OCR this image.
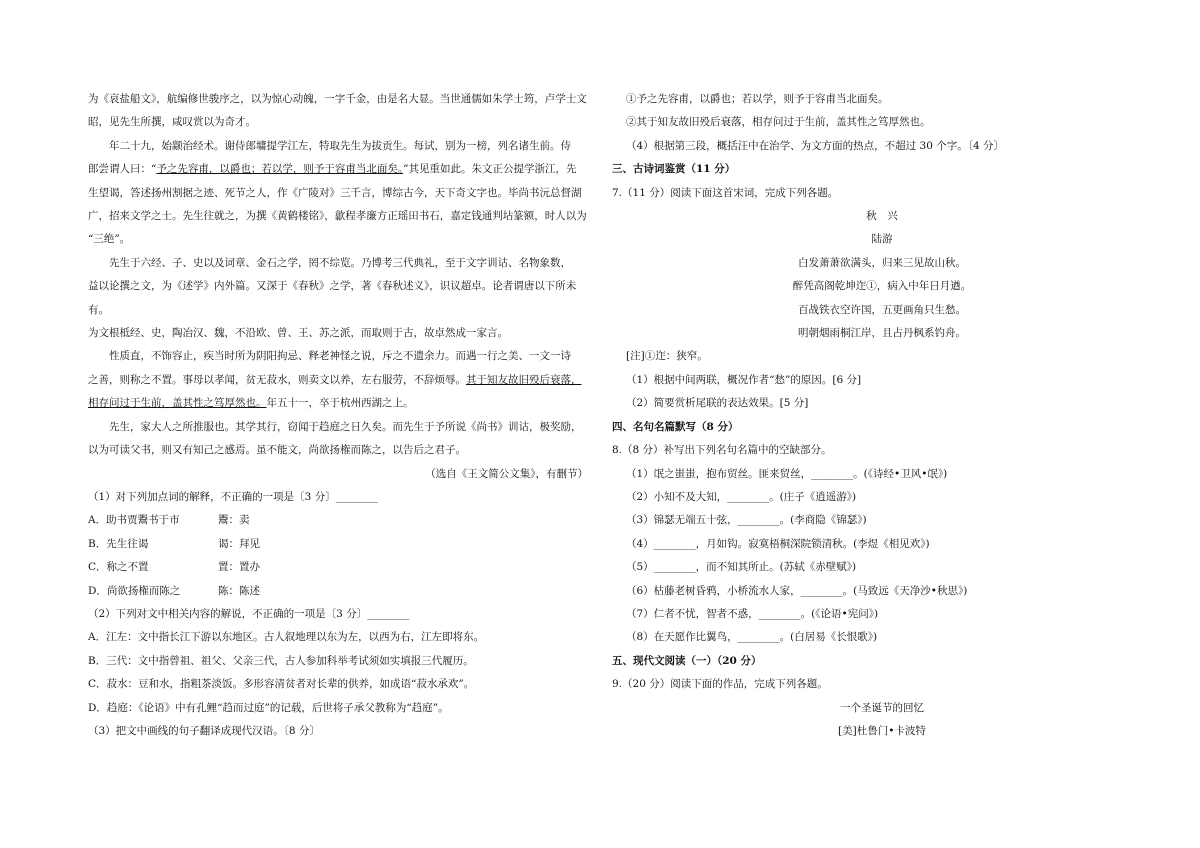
为《哀盐船文》，航编修世骏序之，以为惊心动魄，一字千金，由是名大显。当世通儒如朱学士筠，卢学士文

昭，见先生所撰，咸叹赏以为奇才。

年二十九，始颛治经术。谢侍郎墉提学江左，特取先生为拔贡生。每试，别为一榜，列名诸生前。侍

郎尝谓人曰：“予之先容甫，以爵也；若以学，则予于容甫当北面矣。”其见重如此。朱文正公提学浙江，先

生望谒，答述扬州割据之迹、死节之人，作《广陵对》三千言，博综古今，天下奇文字也。毕尚书沅总督湖

广，招来文学之士。先生往就之，为撰《黄鹤楼铭》，歙程孝廉方正瑶田书石，嘉定钱通判坫篆额，时人以为

“三绝”。

先生于六经、子、史以及词章、金石之学，罔不综览。乃博考三代典礼，至于文字训诂、名物象数，

益以论撰之文，为《述学》内外篇。又深于《春秋》之学，著《春秋述义》，识议超卓。论者谓唐以下所未有。

为文根柢经、史，陶冶汉、魏，不沿欧、曾、王、苏之派，而取则于古，故卓然成一家言。

性质直，不饰容止，疾当时所为阴阳拘忌、释老神怪之说，斥之不遗余力。而遇一行之美、一文一诗

之善，则称之不置。事母以孝闻，贫无菽水，则卖文以养，左右服劳，不辞烦辱。其于知友故旧殁后衰落，

相存问过于生前，盖其性之笃厚然也。年五十一，卒于杭州西湖之上。

先生，家大人之所推服也。其学其行，窃闻于趋庭之日久矣。而先生于予所说《尚书》训诂，极奖励，

以为可读父书，则又有知己之感焉。虽不能文，尚欲扬権而陈之，以告后之君子。

（选自《王文简公文集》，有删节）

（1）对下列加点词的解释，不正确的一项是〔3 分〕________

A．助书贾鬻书于市	鬻：卖
B．先生往谒	谒：拜见
C．称之不置	置：置办
D．尚欲扬権而陈之	陈：陈述

（2）下列对文中相关内容的解说，不正确的一项是〔3 分〕________

A．江左：文中指长江下游以东地区。古人叙地理以东为左，以西为右，江左即将东。

B．三代：文中指曾祖、祖父、父亲三代，古人参加科举考试须如实填报三代履历。

C．菽水：豆和水，指粗茶淡饭。多形容清贫者对长辈的供养，如成语“菽水承欢”。

D．趋庭：《论语》中有孔鲤“趋而过庭”的记载，后世将子承父教称为“趋庭”。

（3）把文中画线的句子翻译成现代汉语。〔8 分〕

①予之先容甫，以爵也；若以学，则予于容甫当北面矣。

②其于知友故旧殁后衰落，相存问过于生前，盖其性之笃厚然也。

（4）根据第三段，概括汪中在治学、为文方面的热点，不超过 30 个字。〔4 分〕

三、古诗词鉴赏（11 分）

7.（11 分）阅读下面这首宋词，完成下列各题。

秋　兴

陆游

白发萧萧欲满头，归来三见故山秋。

醉凭高阁乾坤迮①，病入中年日月遒。

百战铁衣空许国，五更画角只生愁。

明朝烟雨桐江岸，且占丹枫系钓舟。

[注]①迮：狭窄。

（1）根据中间两联，概况作者“愁”的原因。[6 分]

（2）简要赏析尾联的表达效果。[5 分]

四、名句名篇默写（8 分）

8.（8 分）补写出下列名句名篇中的空缺部分。

（1）氓之蚩蚩，抱布贸丝。匪来贸丝，________。(《诗经•卫风•氓》)

（2）小知不及大知，________。(庄子《逍遥游》)

（3）锦瑟无端五十弦，________。(李商隐《锦瑟》)

（4）________，月如钩。寂寞梧桐深院锁清秋。(李煜《相见欢》)

（5）________，而不知其所止。(苏轼《赤壁赋》)

（6）枯藤老树昏鸦，小桥流水人家，________。(马致远《天净沙•秋思》)

（7）仁者不忧，智者不惑，________。(《论语•宪问》)

（8）在天愿作比翼鸟，________。(白居易《长恨歌》)

五、现代文阅读（一）（20 分）

9.（20 分）阅读下面的作品，完成下列各题。

一个圣诞节的回忆

[美]杜鲁门•卡波特
